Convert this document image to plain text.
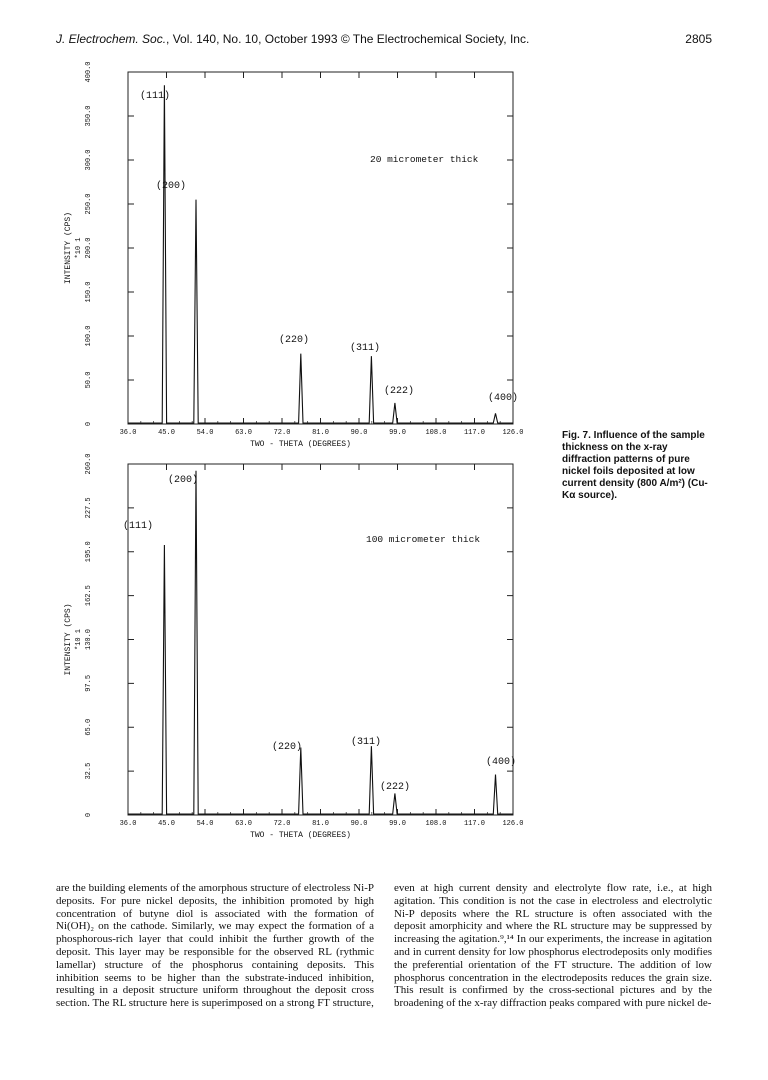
J. Electrochem. Soc., Vol. 140, No. 10, October 1993 © The Electrochemical Society, Inc.	2805
36.0	45.0	54.0	63.0	72.0	81.0	90.0	99.0	108.0 117.0 126.0
0
50.0
100.0
150.0
200.0
250.0
300.0
350.0
400.0
INTENSITY (CPS) *10 1
TWO - THETA (DEGREES)
20 micrometer thick
(111)
(200)
(220)
(311)
(222)
(400)
36.0	45.0	54.0	63.0	72.0	81.0	90.0	99.0	108.0 117.0 126.0
0
32.5
65.0
97.5
130.0
162.5
195.0
227.5
260.0
INTENSITY (CPS) *10 1
TWO - THETA (DEGREES)
100 micrometer thick
(111)
(200)
(220)	(311)
(222)
(400)
Fig. 7. Influence of the sample thickness on the x-ray diffraction patterns of pure nickel foils deposited at low current density (800 A/m²) (Cu-Kα source).

are the building elements of the amorphous structure of electroless Ni-P deposits. For pure nickel deposits, the inhibition promoted by high concentration of butyne diol is associated with the formation of Ni(OH)₂ on the cathode. Similarly, we may expect the formation of a phosphorous-rich layer that could inhibit the further growth of the deposit. This layer may be responsible for the observed RL (rythmic lamellar) structure of the phosphorus containing deposits. This inhibition seems to be higher than the substrate-induced inhibition, resulting in a deposit structure uniform throughout the deposit cross section. The RL structure here is superimposed on a strong FT structure,

even at high current density and electrolyte flow rate, i.e., at high agitation. This condition is not the case in electroless and electrolytic Ni-P deposits where the RL structure is often associated with the deposit amorphicity and where the RL structure may be suppressed by increasing the agitation.⁹,¹⁴ In our experiments, the increase in agitation and in current density for low phosphorus electrodeposits only modifies the preferential orientation of the FT structure. The addition of low phosphorus concentration in the electrodeposits reduces the grain size. This result is confirmed by the cross-sectional pictures and by the broadening of the x-ray diffraction peaks compared with pure nickel de-
